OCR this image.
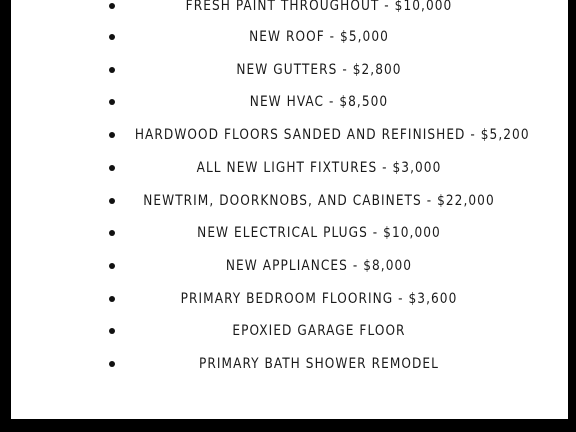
FRESH PAINT THROUGHOUT - $10,000
NEW ROOF - $5,000
NEW GUTTERS - $2,800
NEW HVAC - $8,500
HARDWOOD FLOORS SANDED AND REFINISHED - $5,200
ALL NEW LIGHT FIXTURES - $3,000
NEWTRIM, DOORKNOBS, AND CABINETS - $22,000
NEW ELECTRICAL PLUGS - $10,000
NEW APPLIANCES - $8,000
PRIMARY BEDROOM FLOORING - $3,600
EPOXIED GARAGE FLOOR
PRIMARY BATH SHOWER REMODEL
